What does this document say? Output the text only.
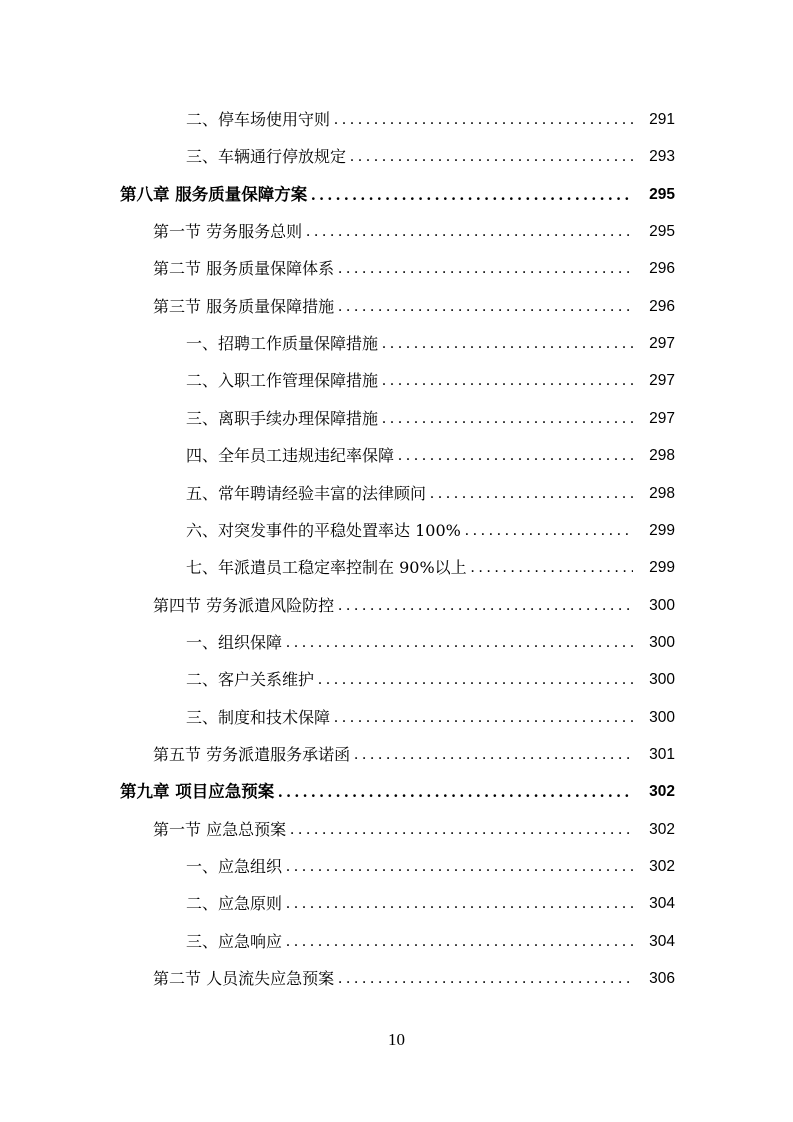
二、停车场使用守则 . . .	291
三、车辆通行停放规定 . . .	293
第八章 服务质量保障方案 . . .	295
第一节 劳务服务总则 . . .	295
第二节 服务质量保障体系 . . .	296
第三节 服务质量保障措施 . . .	296
一、招聘工作质量保障措施 . . .	297
二、入职工作管理保障措施 . . .	297
三、离职手续办理保障措施 . . .	297
四、全年员工违规违纪率保障 . . .	298
五、常年聘请经验丰富的法律顾问 . . .	298
六、对突发事件的平稳处置率达 100% . . .	299
七、年派遣员工稳定率控制在 90%以上 . . .	299
第四节 劳务派遣风险防控 . . .	300
一、组织保障 . . .	300
二、客户关系维护 . . .	300
三、制度和技术保障 . . .	300
第五节 劳务派遣服务承诺函 . . .	301
第九章 项目应急预案 . . .	302
第一节 应急总预案 . . .	302
一、应急组织 . . .	302
二、应急原则 . . .	304
三、应急响应 . . .	304
第二节 人员流失应急预案 . . .	306
10
